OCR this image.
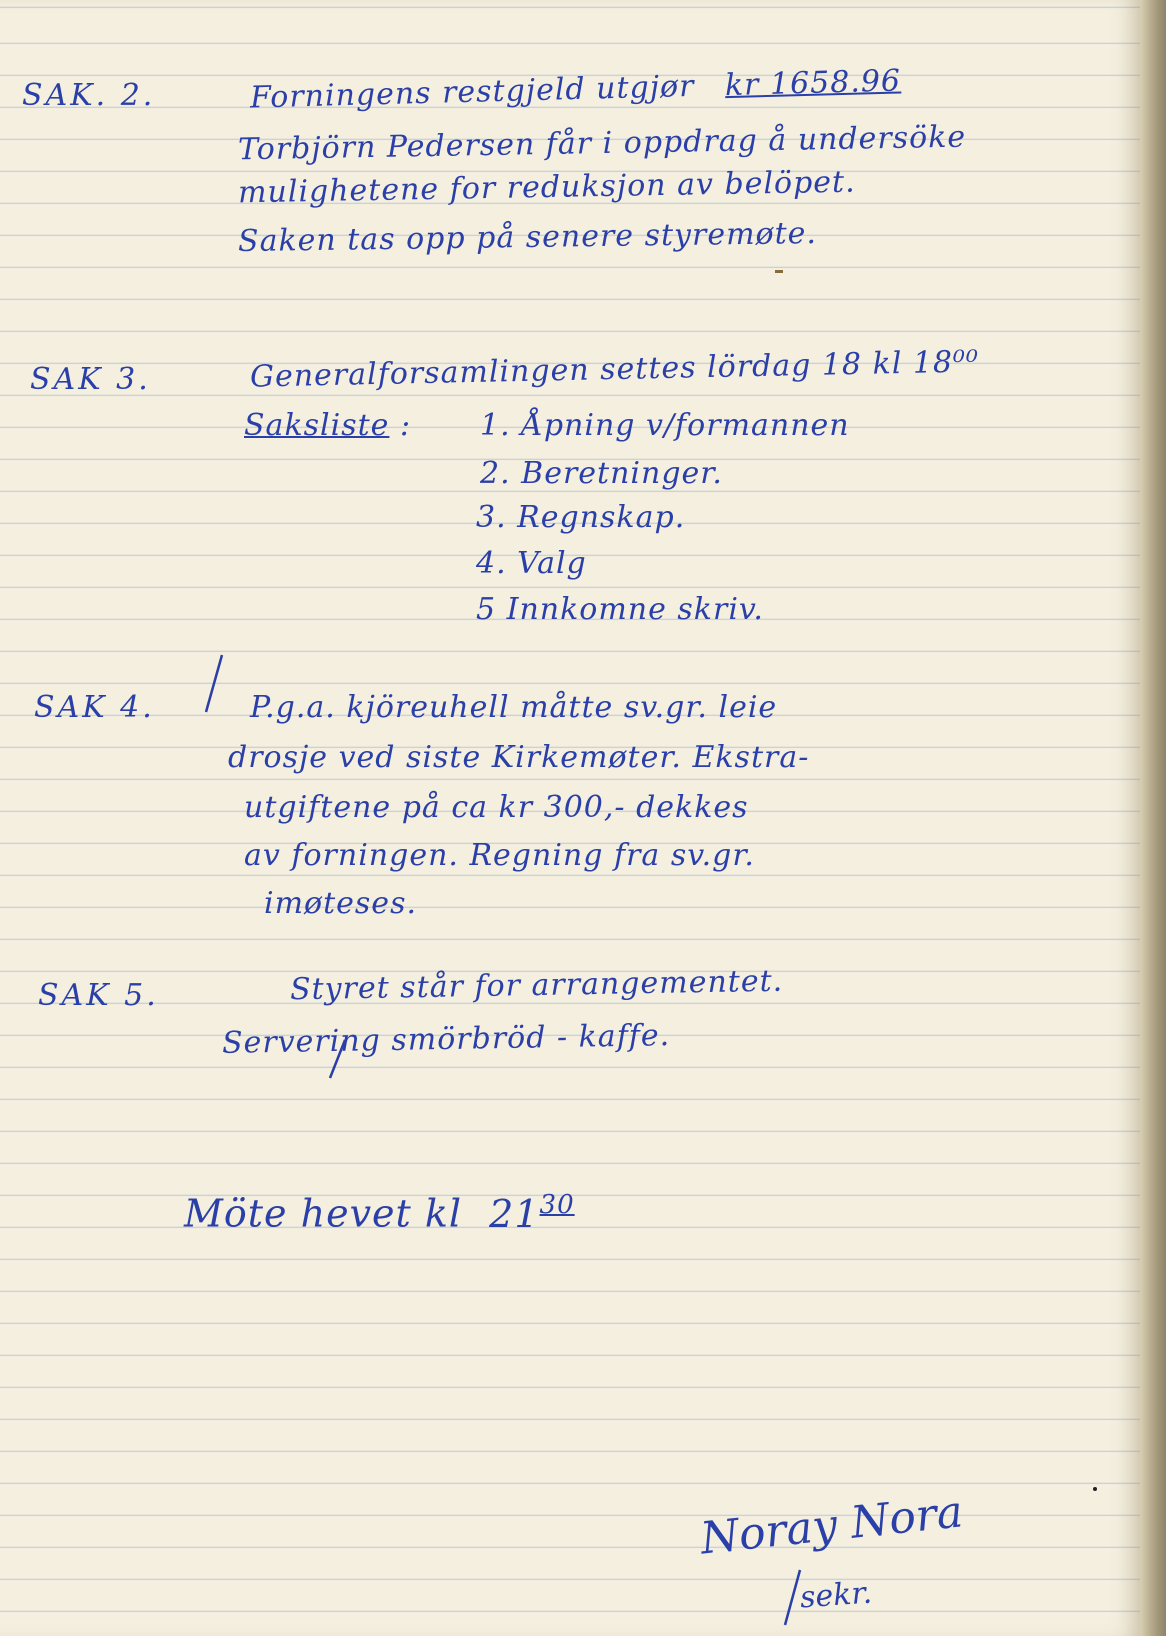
SAK. 2.	Forningens restgjeld utgjør kr 1658.96
Torbjörn Pedersen får i oppdrag å undersöke
mulighetene for reduksjon av belöpet.
Saken tas opp på senere styremøte.
SAK 3.	Generalforsamlingen settes lördag 18 kl 18⁰⁰
Saksliste : 1. Åpning v/formannen
2. Beretninger.
3. Regnskap.
4. Valg
5 Innkomne skriv.
SAK 4.	P.g.a. kjöreuhell måtte sv.gr. leie
drosje ved siste Kirkemøter. Ekstra-
utgiftene på ca kr 300,- dekkes
av forningen. Regning fra sv.gr.
imøteses.
SAK 5.	Styret står for arrangementet.
Servering smörbröd - kaffe.
Möte hevet kl $21^{30}$
Noray Nora
sekr.
